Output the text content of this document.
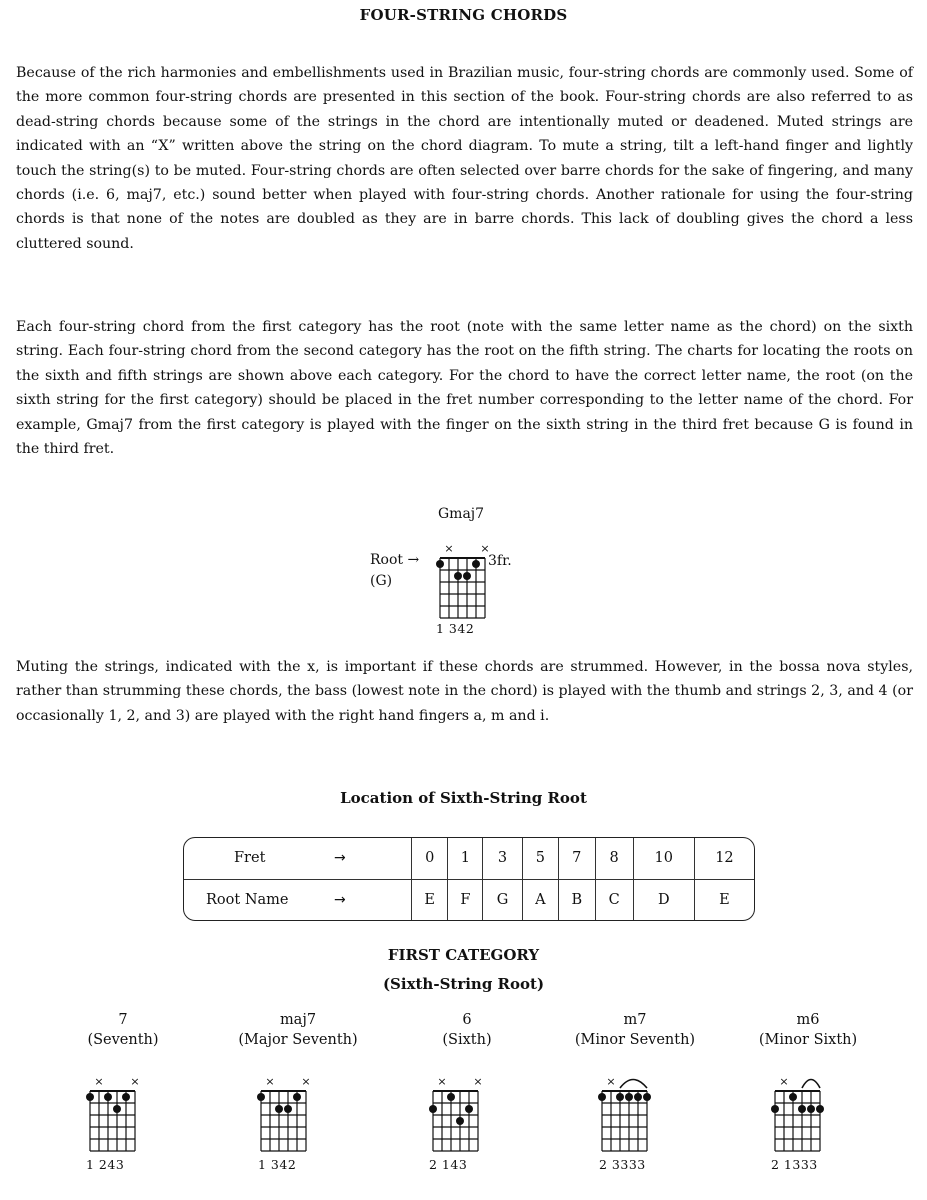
FOUR-STRING CHORDS

Because of the rich harmonies and embellishments used in Brazilian music, four-string chords are commonly used. Some of the more common four-string chords are presented in this section of the book. Four-string chords are also referred to as dead-string chords because some of the strings in the chord are intentionally muted or deadened. Muted strings are indicated with an “X” written above the string on the chord diagram. To mute a string, tilt a left-hand finger and lightly touch the string(s) to be muted. Four-string chords are often selected over barre chords for the sake of fingering, and many chords (i.e. 6, maj7, etc.) sound better when played with four-string chords. Another rationale for using the four-string chords is that none of the notes are doubled as they are in barre chords. This lack of doubling gives the chord a less cluttered sound.

Each four-string chord from the first category has the root (note with the same letter name as the chord) on the sixth string. Each four-string chord from the second category has the root on the fifth string. The charts for locating the roots on the sixth and fifth strings are shown above each category. For the chord to have the correct letter name, the root (on the sixth string for the first category) should be placed in the fret number corresponding to the letter name of the chord. For example, Gmaj7 from the first category is played with the finger on the sixth string in the third fret because G is found in the third fret.

Gmaj7
Root →
(G)
3fr.
× ×
1 342

Muting the strings, indicated with the x, is important if these chords are strummed. However, in the bossa nova styles, rather than strumming these chords, the bass (lowest note in the chord) is played with the thumb and strings 2, 3, and 4 (or occasionally 1, 2, and 3) are played with the right hand fingers a, m and i.

Location of Sixth-String Root
Fret →	0	1	3	5	7	8	10	12
Root Name →	E	F	G	A	B	C	D	E
FIRST CATEGORY
(Sixth-String Root)
7
(Seventh)
× ×
1 243
maj7
(Major Seventh)
× ×
1 342
6
(Sixth)
× ×
2 143
m7
(Minor Seventh)
×
2 3333
m6
(Minor Sixth)
×
2 1333
